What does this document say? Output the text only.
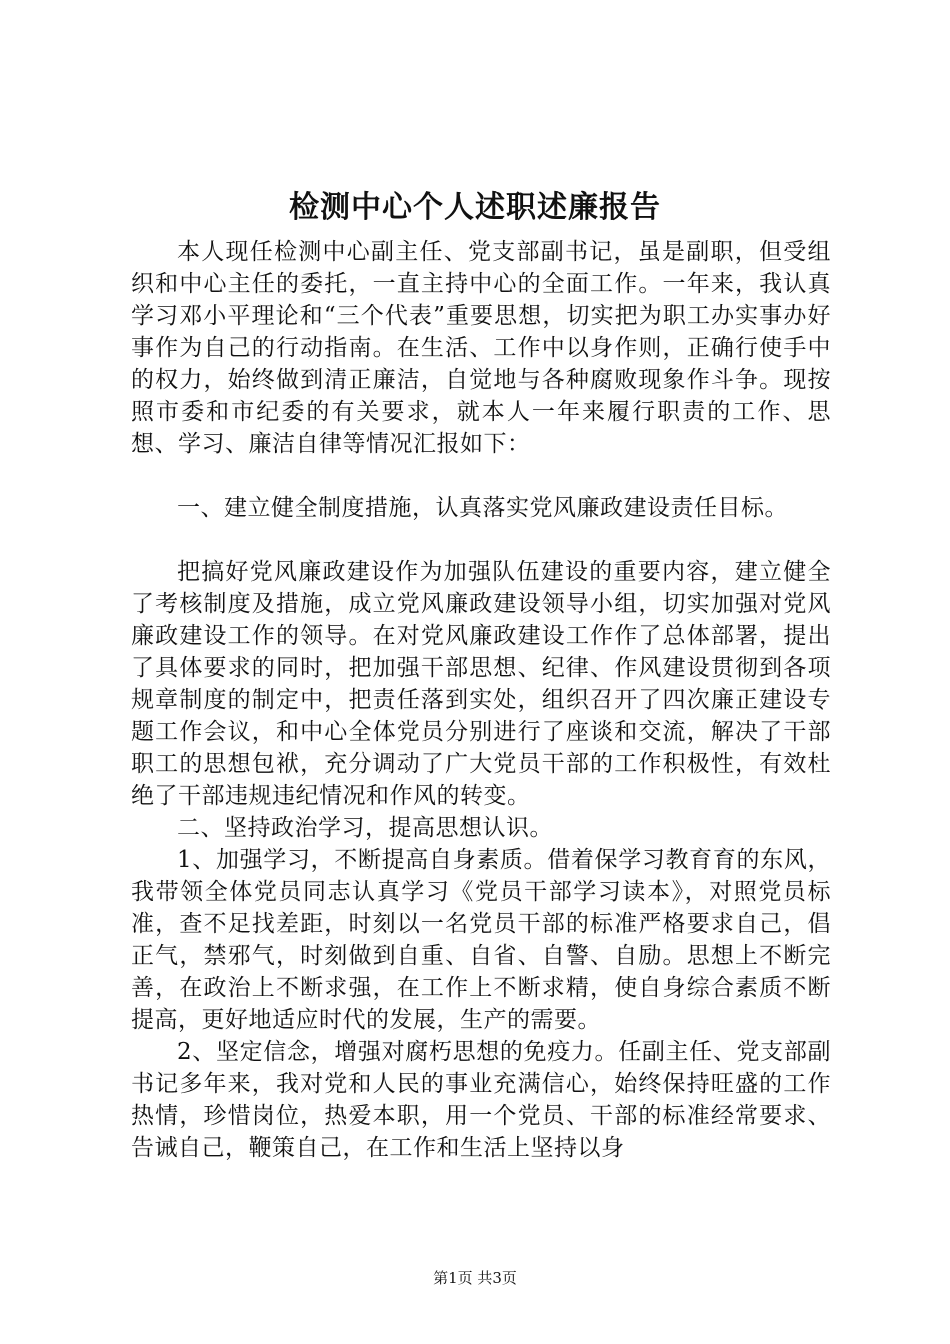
检测中心个人述职述廉报告

本人现任检测中心副主任、党支部副书记，虽是副职，但受组织和中心主任的委托，一直主持中心的全面工作。一年来，我认真学习邓小平理论和“三个代表”重要思想，切实把为职工办实事办好事作为自己的行动指南。在生活、工作中以身作则，正确行使手中的权力，始终做到清正廉洁，自觉地与各种腐败现象作斗争。现按照市委和市纪委的有关要求，就本人一年来履行职责的工作、思想、学习、廉洁自律等情况汇报如下：

一、建立健全制度措施，认真落实党风廉政建设责任目标。

把搞好党风廉政建设作为加强队伍建设的重要内容，建立健全了考核制度及措施，成立党风廉政建设领导小组，切实加强对党风廉政建设工作的领导。在对党风廉政建设工作作了总体部署，提出了具体要求的同时，把加强干部思想、纪律、作风建设贯彻到各项规章制度的制定中，把责任落到实处，组织召开了四次廉正建设专题工作会议，和中心全体党员分别进行了座谈和交流，解决了干部职工的思想包袱，充分调动了广大党员干部的工作积极性，有效杜绝了干部违规违纪情况和作风的转变。

二、坚持政治学习，提高思想认识。

1、加强学习，不断提高自身素质。借着保学习教育育的东风，我带领全体党员同志认真学习《党员干部学习读本》，对照党员标准，查不足找差距，时刻以一名党员干部的标准严格要求自己，倡正气，禁邪气，时刻做到自重、自省、自警、自励。思想上不断完善，在政治上不断求强，在工作上不断求精，使自身综合素质不断提高，更好地适应时代的发展，生产的需要。

2、坚定信念，增强对腐朽思想的免疫力。任副主任、党支部副书记多年来，我对党和人民的事业充满信心，始终保持旺盛的工作热情，珍惜岗位，热爱本职，用一个党员、干部的标准经常要求、告诫自己，鞭策自己，在工作和生活上坚持以身

第1页 共3页
